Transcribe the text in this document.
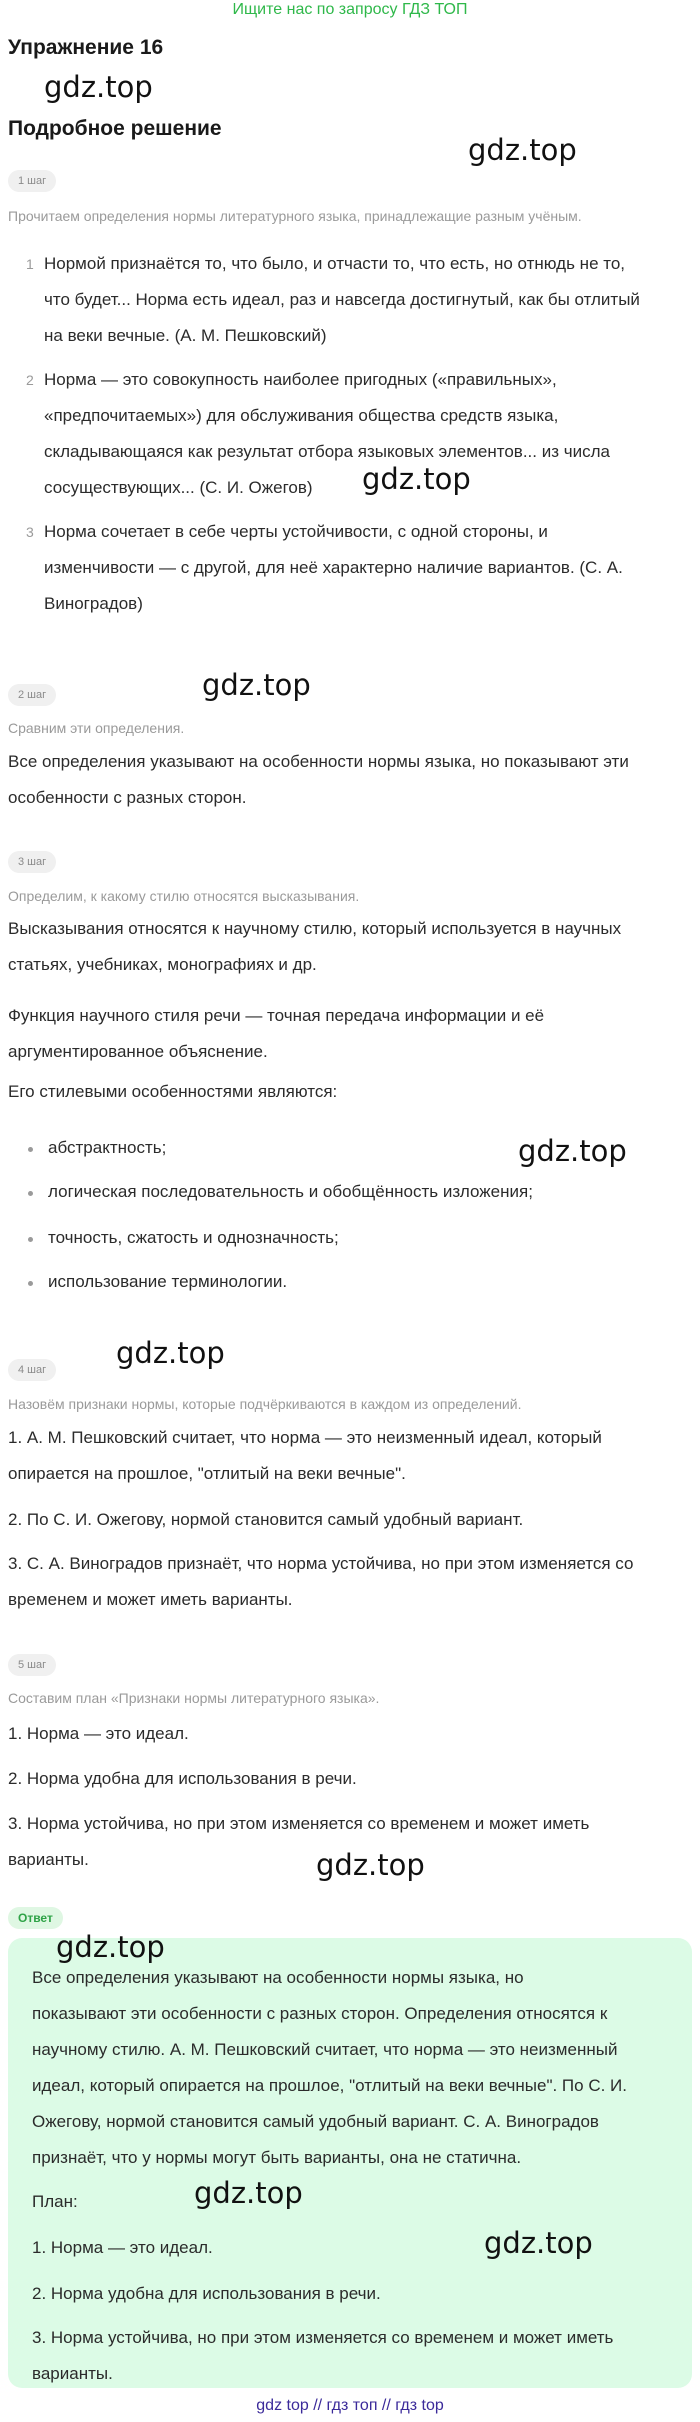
Ищите нас по запросу ГДЗ ТОП
Упражнение 16
gdz.top
Подробное решение
gdz.top
1 шаг
Прочитаем определения нормы литературного языка, принадлежащие разным учёным.
1 Нормой признаётся то, что было, и отчасти то, что есть, но отнюдь не то,
что будет... Норма есть идеал, раз и навсегда достигнутый, как бы отлитый
на веки вечные. (А. М. Пешковский)
2 Норма — это совокупность наиболее пригодных («правильных»,
«предпочитаемых») для обслуживания общества средств языка,
складывающаяся как результат отбора языковых элементов... из числа
сосуществующих... (С. И. Ожегов)	gdz.top
3 Норма сочетает в себе черты устойчивости, с одной стороны, и
изменчивости — с другой, для неё характерно наличие вариантов. (С. А.
Виноградов)
gdz.top
2 шаг
Сравним эти определения.
Все определения указывают на особенности нормы языка, но показывают эти
особенности с разных сторон.
3 шаг
Определим, к какому стилю относятся высказывания.
Высказывания относятся к научному стилю, который используется в научных
статьях, учебниках, монографиях и др.
Функция научного стиля речи — точная передача информации и её
аргументированное объяснение.
Его стилевыми особенностями являются:
абстрактность;	gdz.top
логическая последовательность и обобщённость изложения;
точность, сжатость и однозначность;
использование терминологии.
gdz.top
4 шаг
Назовём признаки нормы, которые подчёркиваются в каждом из определений.
1. А. М. Пешковский считает, что норма — это неизменный идеал, который
опирается на прошлое, "отлитый на веки вечные".
2. По С. И. Ожегову, нормой становится самый удобный вариант.
3. С. А. Виноградов признаёт, что норма устойчива, но при этом изменяется со
временем и может иметь варианты.
5 шаг
Составим план «Признаки нормы литературного языка».
1. Норма — это идеал.
2. Норма удобна для использования в речи.
3. Норма устойчива, но при этом изменяется со временем и может иметь
варианты.	gdz.top
Ответ
gdz.top
Все определения указывают на особенности нормы языка, но
показывают эти особенности с разных сторон. Определения относятся к
научному стилю. А. М. Пешковский считает, что норма — это неизменный
идеал, который опирается на прошлое, "отлитый на веки вечные". По С. И.
Ожегову, нормой становится самый удобный вариант. С. А. Виноградов
признаёт, что у нормы могут быть варианты, она не статична.
План:	gdz.top
gdz.top
1. Норма — это идеал.
2. Норма удобна для использования в речи.
3. Норма устойчива, но при этом изменяется со временем и может иметь
варианты.
gdz top // гдз топ // гдз top
